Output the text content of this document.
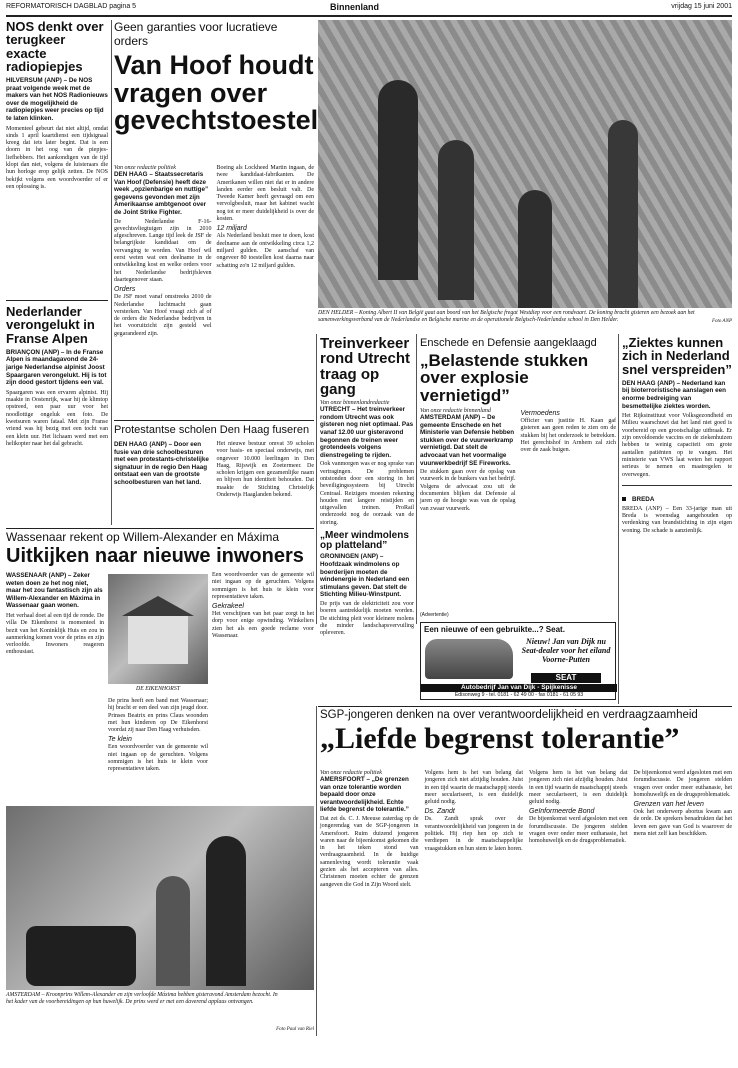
REFORMATORISCH DAGBLAD pagina 5	Binnenland	vrijdag 15 juni 2001
NOS denkt over terugkeer exacte radiopiepjes
HILVERSUM (ANP) – De NOS praat volgende week met de makers van het NOS Radionieuws over de mogelijkheid de radiopiepjes weer precies op tijd te laten klinken.
Momenteel gebeurt dat niet altijd, omdat sinds 1 april kaartdienst een tijdsignaal kreeg dat iets later begint. Dat is een doorn in het oog van de piepjes-liefhebbers. Het aankondigen van de tijd klopt dan niet, volgens de luisteraars die hun horloge erop gelijk zetten. De NOS bekijkt volgens een woordvoerder of er een oplossing is.
Nederlander verongelukt in Franse Alpen
BRIANÇON (ANP) – In de Franse Alpen is maandagavond de 24-jarige Nederlandse alpinist Joost Spaargaren verongelukt. Hij is tot zijn dood gestort tijdens een val.
Spaargaren was een ervaren alpinist. Hij maakte in Oostenrijk, waar hij de klimtop opstreed, een paar uur voor het noodlottige ongeluk een foto. De kwetsuren waren fataal. Met zijn Franse vriend was hij bezig met een tocht van een klein uur. Het lichaam werd met een helikopter naar het dal gebracht.
Geen garanties voor lucratieve orders
Van Hoof houdt vragen over gevechtstoestel
Van onze redactie politiek
DEN HAAG – Staatssecretaris Van Hoof (Defensie) heeft deze week „opzienbarige en nuttige” gegevens gevonden met zijn Amerikaanse ambtgenoot over de Joint Strike Fighter.
De Nederlandse F-16-gevechtsvliegtuigen zijn in 2010 afgeschreven. Lange tijd leek de JSF de belangrijkste kandidaat om de vervanging te worden. Van Hoof wil eerst weten wat een deelname in de ontwikkeling kost en welke orders voor het Nederlandse bedrijfsleven daartegenover staan.
Orders
De JSF moet vanaf omstreeks 2010 de Nederlandse luchtmacht gaan versterken. Van Hoof vraagt zich af of de orders die Nederlandse bedrijven in het vooruitzicht zijn gesteld wel gegarandeerd zijn.
Boeing als Lockheed Martin ingaan, de twee kandidaat-fabrikanten. De Amerikanen willen niet dat er in andere landen eerder een besluit valt. De Tweede Kamer heeft gevraagd om een vervolgbesluit, maar het kabinet wacht nog tot er meer duidelijkheid is over de kosten.
12 miljard
Als Nederland besluit mee te doen, kost deelname aan de ontwikkeling circa 1,2 miljard gulden. De aanschaf van ongeveer 80 toestellen kost daarna naar schatting zo'n 12 miljard gulden.
DEN HELDER – Koning Albert II van België gaat aan boord van het Belgische fregat Westdiep voor een rondvaart. De koning bracht gisteren een bezoek aan het samenwerkingsverband van de Nederlandse en Belgische marine en de operationele Belgisch-Nederlandse school in Den Helder.	Foto ANP
Protestantse scholen Den Haag fuseren
DEN HAAG (ANP) – Door een fusie van drie schoolbesturen met een protestants-christelijke signatuur in de regio Den Haag ontstaat een van de grootste schoolbesturen van het land.
Het nieuwe bestuur omvat 39 scholen voor basis- en speciaal onderwijs, met ongeveer 10.000 leerlingen in Den Haag, Rijswijk en Zoetermeer. De scholen krijgen een gezamenlijke naam en blijven hun identiteit behouden. Dat maakte de Stichting Christelijk Onderwijs Haaglanden bekend.
Treinverkeer rond Utrecht traag op gang
Van onze binnenlandredactie
UTRECHT – Het treinverkeer rondom Utrecht was ook gisteren nog niet optimaal. Pas vanaf 12.00 uur gisteravond begonnen de treinen weer grotendeels volgens dienstregeling te rijden.
Ook vanmorgen was er nog sprake van vertragingen. De problemen ontstonden door een storing in het beveiligingssysteem bij Utrecht Centraal. Reizigers moesten rekening houden met langere reistijden en uitgevallen treinen. ProRail onderzoekt nog de oorzaak van de storing.
„Meer windmolens op platteland”
GRONINGEN (ANP) – Hoofdzaak windmolens op boerderijen moeten de windenergie in Nederland een stimulans geven. Dat stelt de Stichting Milieu-Winstpunt.
De prijs van de elektriciteit zou voor boeren aantrekkelijk moeten worden. De stichting pleit voor kleinere molens die minder landschapsvervuiling opleveren.
Enschede en Defensie aangeklaagd
„Belastende stukken over explosie vernietigd”
Van onze redactie binnenland
AMSTERDAM (ANP) – De gemeente Enschede en het Ministerie van Defensie hebben stukken over de vuurwerkramp vernietigd. Dat stelt de advocaat van het voormalige vuurwerkbedrijf SE Fireworks.
De stukken gaan over de opslag van vuurwerk in de bunkers van het bedrijf. Volgens de advocaat zou uit de documenten blijken dat Defensie al jaren op de hoogte was van de opslag van zwaar vuurwerk.
Vermoedens
Officier van justitie H. Kaan gaf gisteren aan geen reden te zien om de stukken bij het onderzoek te betrekken. Het gerechtshof in Arnhem zal zich over de zaak buigen.
(Advertentie)
Een nieuwe of een gebruikte...? Seat.
Nieuw! Jan van Dijk nu Seat-dealer voor het eiland Voorne-Putten
SEAT
Autobedrijf Jan van Dijk - Spijkenisse
Edisonweg 9 - tel. 0181 - 62 49 00 - fax 0181 - 61 05 93
„Ziektes kunnen zich in Nederland snel verspreiden”
DEN HAAG (ANP) – Nederland kan bij bioterroristische aanslagen een enorme bedreiging van besmettelijke ziektes worden.
Het Rijksinstituut voor Volksgezondheid en Milieu waarschuwt dat het land niet goed is voorbereid op een grootschalige uitbraak. Er zijn onvoldoende vaccins en de ziekenhuizen hebben te weinig capaciteit om grote aantallen patiënten op te vangen. Het ministerie van VWS laat weten het rapport serieus te nemen en maatregelen te overwegen.
BREDA
BREDA (ANP) – Een 33-jarige man uit Breda is woensdag aangehouden op verdenking van brandstichting in zijn eigen woning. De schade is aanzienlijk.
Wassenaar rekent op Willem-Alexander en Máxima
Uitkijken naar nieuwe inwoners
WASSENAAR (ANP) – Zeker weten doen ze het nog niet, maar het zou fantastisch zijn als Willem-Alexander en Máxima in Wassenaar gaan wonen.
Het verhaal doet al een tijd de ronde. De villa De Eikenhorst is momenteel in bezit van het Koninklijk Huis en zou in aanmerking komen voor de prins en zijn verloofde. Inwoners reageren enthousiast.
DE EIKENHORST
De prins heeft een band met Wassenaar; hij bracht er een deel van zijn jeugd door. Prinses Beatrix en prins Claus woonden met hun kinderen op De Eikenhorst voordat zij naar Den Haag verhuisden.
Te klein
Een woordvoerder van de gemeente wil niet ingaan op de geruchten. Volgens sommigen is het huis te klein voor representatieve taken.
Een woordvoerder van de gemeente wil niet ingaan op de geruchten. Volgens sommigen is het huis te klein voor representatieve taken.
Gekrakeel
Het verschijnen van het paar zorgt in het dorp voor enige opwinding. Winkeliers zien het als een goede reclame voor Wassenaar.
AMSTERDAM – Kroonprins Willem-Alexander en zijn verloofde Máxima hebben gisteravond Amsterdam bezocht. In het kader van de voorbereidingen op hun huwelijk. De prins werd er met een daverend applaus ontvangen.
Foto Paul van Riel
SGP-jongeren denken na over verantwoordelijkheid en verdraagzaamheid
„Liefde begrenst tolerantie”
Van onze redactie politiek
AMERSFOORT – „De grenzen van onze tolerantie worden bepaald door onze verantwoordelijkheid. Echte liefde begrenst de tolerantie.”
Dat zei ds. C. J. Meeuse zaterdag op de jongerendag van de SGP-jongeren in Amersfoort. Ruim duizend jongeren waren naar de bijeenkomst gekomen die in het teken stond van verdraagzaamheid. In de huidige samenleving wordt tolerantie vaak gezien als het accepteren van alles. Christenen moeten echter de grenzen aangeven die God in Zijn Woord stelt.
Volgens hem is het van belang dat jongeren zich niet afzijdig houden. Juist in een tijd waarin de maatschappij steeds meer seculariseert, is een duidelijk geluid nodig.
Ds. Zandt
Ds. Zandt sprak over de verantwoordelijkheid van jongeren in de politiek. Hij riep hen op zich te verdiepen in de maatschappelijke vraagstukken en hun stem te laten horen.
Volgens hem is het van belang dat jongeren zich niet afzijdig houden. Juist in een tijd waarin de maatschappij steeds meer seculariseert, is een duidelijk geluid nodig.
Geïnformeerde Bond
De bijeenkomst werd afgesloten met een forumdiscussie. De jongeren stelden vragen over onder meer euthanasie, het homohuwelijk en de drugsproblematiek.
De bijeenkomst werd afgesloten met een forumdiscussie. De jongeren stelden vragen over onder meer euthanasie, het homohuwelijk en de drugsproblematiek.
Grenzen van het leven
Ook het onderwerp abortus kwam aan de orde. De sprekers benadrukten dat het leven een gave van God is waarover de mens niet zelf kan beschikken.
